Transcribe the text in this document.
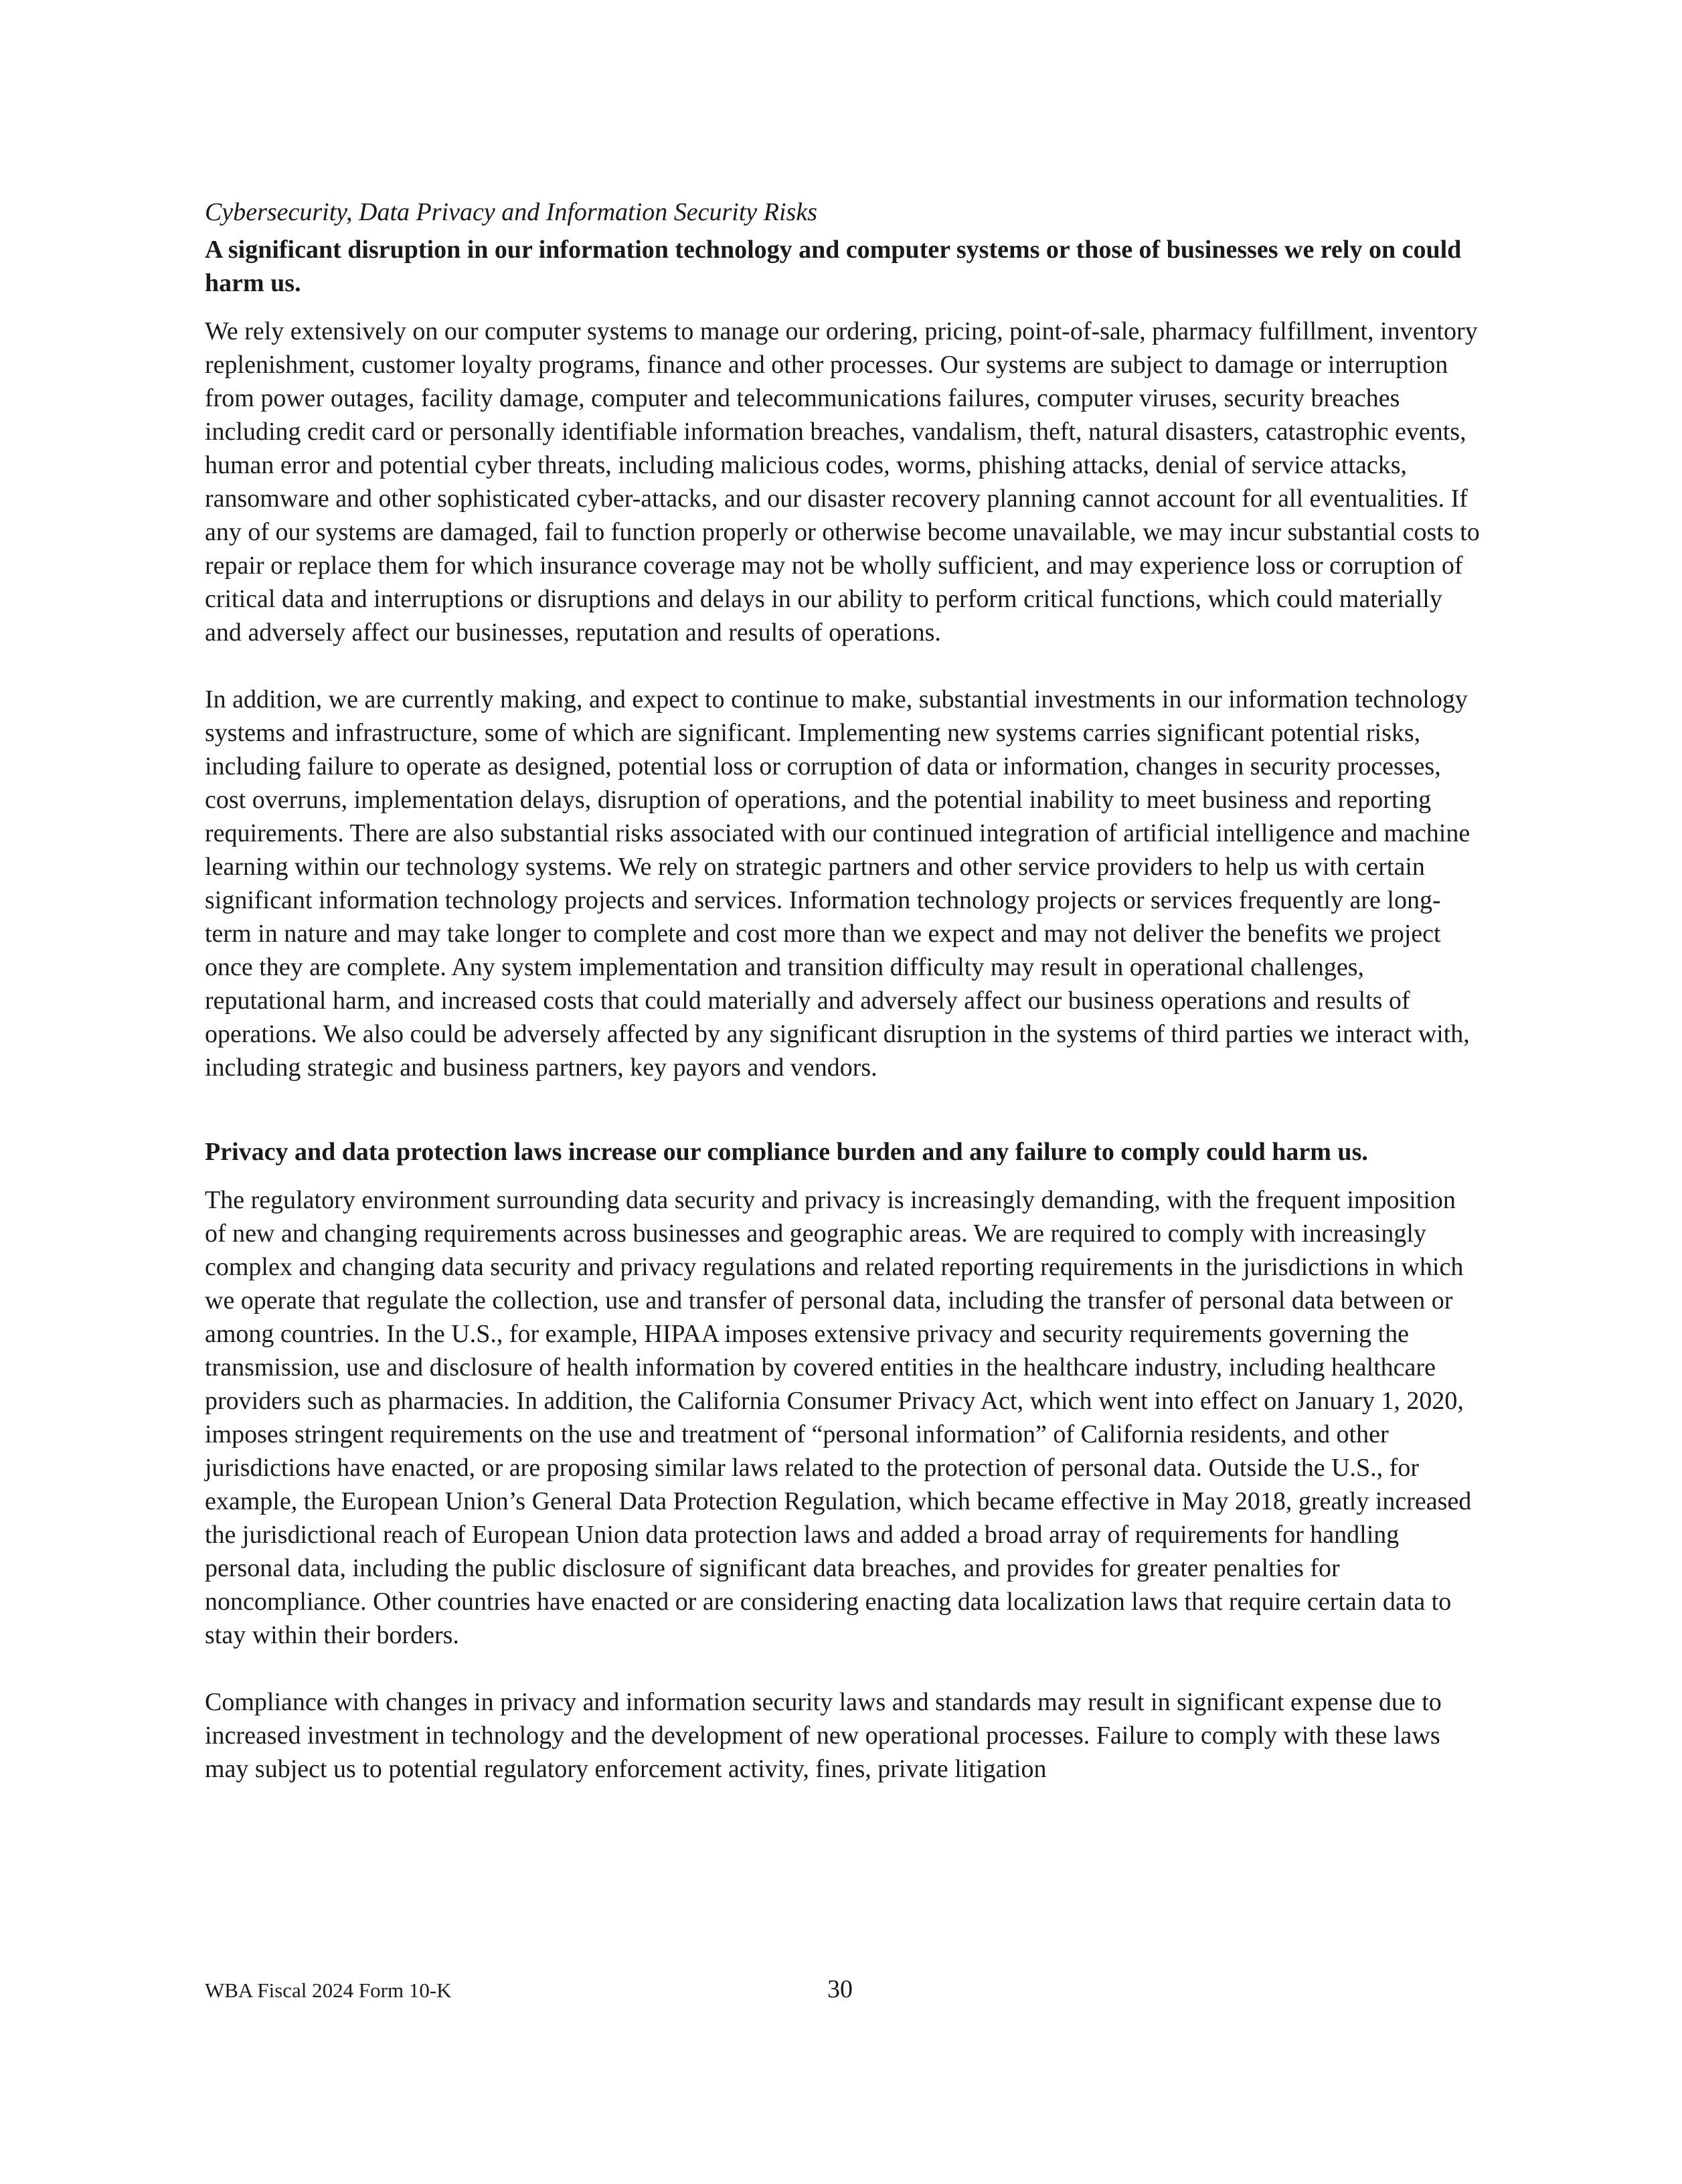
Cybersecurity, Data Privacy and Information Security Risks

A significant disruption in our information technology and computer systems or those of businesses we rely on could harm us.

We rely extensively on our computer systems to manage our ordering, pricing, point-of-sale, pharmacy fulfillment, inventory replenishment, customer loyalty programs, finance and other processes. Our systems are subject to damage or interruption from power outages, facility damage, computer and telecommunications failures, computer viruses, security breaches including credit card or personally identifiable information breaches, vandalism, theft, natural disasters, catastrophic events, human error and potential cyber threats, including malicious codes, worms, phishing attacks, denial of service attacks, ransomware and other sophisticated cyber-attacks, and our disaster recovery planning cannot account for all eventualities. If any of our systems are damaged, fail to function properly or otherwise become unavailable, we may incur substantial costs to repair or replace them for which insurance coverage may not be wholly sufficient, and may experience loss or corruption of critical data and interruptions or disruptions and delays in our ability to perform critical functions, which could materially and adversely affect our businesses, reputation and results of operations.

In addition, we are currently making, and expect to continue to make, substantial investments in our information technology systems and infrastructure, some of which are significant. Implementing new systems carries significant potential risks, including failure to operate as designed, potential loss or corruption of data or information, changes in security processes, cost overruns, implementation delays, disruption of operations, and the potential inability to meet business and reporting requirements. There are also substantial risks associated with our continued integration of artificial intelligence and machine learning within our technology systems. We rely on strategic partners and other service providers to help us with certain significant information technology projects and services. Information technology projects or services frequently are long-term in nature and may take longer to complete and cost more than we expect and may not deliver the benefits we project once they are complete. Any system implementation and transition difficulty may result in operational challenges, reputational harm, and increased costs that could materially and adversely affect our business operations and results of operations. We also could be adversely affected by any significant disruption in the systems of third parties we interact with, including strategic and business partners, key payors and vendors.

Privacy and data protection laws increase our compliance burden and any failure to comply could harm us.

The regulatory environment surrounding data security and privacy is increasingly demanding, with the frequent imposition of new and changing requirements across businesses and geographic areas. We are required to comply with increasingly complex and changing data security and privacy regulations and related reporting requirements in the jurisdictions in which we operate that regulate the collection, use and transfer of personal data, including the transfer of personal data between or among countries. In the U.S., for example, HIPAA imposes extensive privacy and security requirements governing the transmission, use and disclosure of health information by covered entities in the healthcare industry, including healthcare providers such as pharmacies. In addition, the California Consumer Privacy Act, which went into effect on January 1, 2020, imposes stringent requirements on the use and treatment of “personal information” of California residents, and other jurisdictions have enacted, or are proposing similar laws related to the protection of personal data. Outside the U.S., for example, the European Union’s General Data Protection Regulation, which became effective in May 2018, greatly increased the jurisdictional reach of European Union data protection laws and added a broad array of requirements for handling personal data, including the public disclosure of significant data breaches, and provides for greater penalties for noncompliance. Other countries have enacted or are considering enacting data localization laws that require certain data to stay within their borders.

Compliance with changes in privacy and information security laws and standards may result in significant expense due to increased investment in technology and the development of new operational processes. Failure to comply with these laws may subject us to potential regulatory enforcement activity, fines, private litigation

WBA Fiscal 2024 Form 10-K	30
